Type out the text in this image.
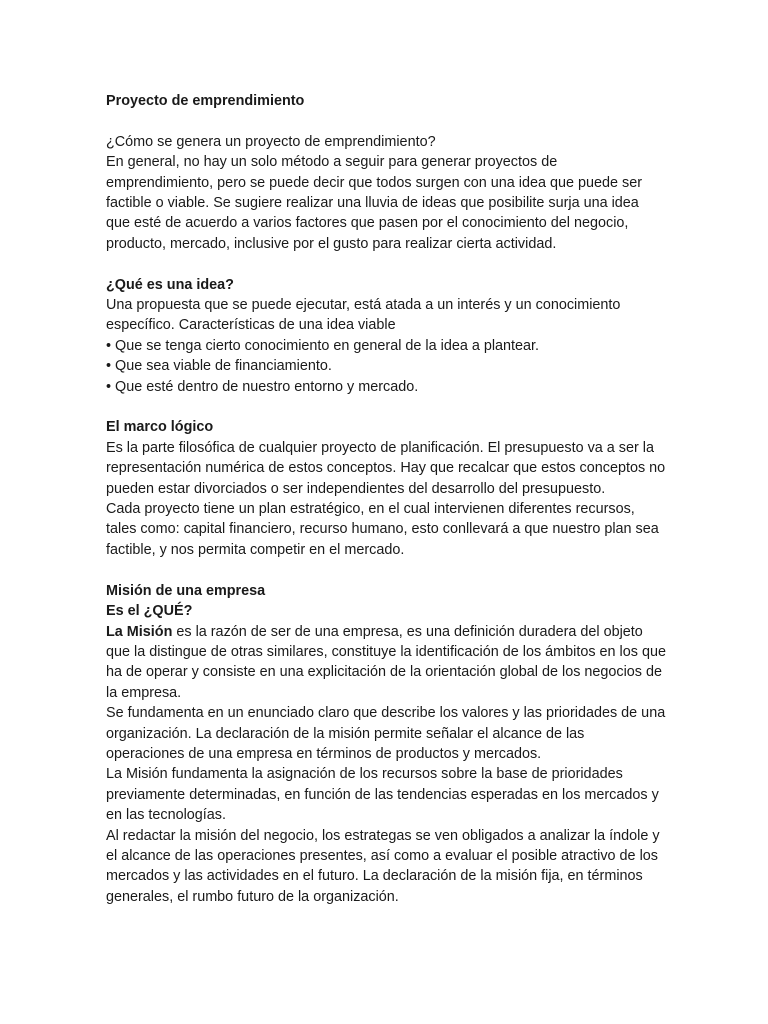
Proyecto de emprendimiento

¿Cómo se genera un proyecto de emprendimiento?

En general, no hay un solo método a seguir para generar proyectos de emprendimiento, pero se puede decir que todos surgen con una idea que puede ser factible o viable. Se sugiere realizar una lluvia de ideas que posibilite surja una idea que esté de acuerdo a varios factores que pasen por el conocimiento del negocio, producto, mercado, inclusive por el gusto para realizar cierta actividad.

¿Qué es una idea?

Una propuesta que se puede ejecutar, está atada a un interés y un conocimiento específico. Características de una idea viable

• Que se tenga cierto conocimiento en general de la idea a plantear.

• Que sea viable de financiamiento.

• Que esté dentro de nuestro entorno y mercado.

El marco lógico

Es la parte filosófica de cualquier proyecto de planificación. El presupuesto va a ser la representación numérica de estos conceptos. Hay que recalcar que estos conceptos no pueden estar divorciados o ser independientes del desarrollo del presupuesto.

Cada proyecto tiene un plan estratégico, en el cual intervienen diferentes recursos, tales como: capital financiero, recurso humano, esto conllevará a que nuestro plan sea factible, y nos permita competir en el mercado.

Misión de una empresa

Es el ¿QUÉ?

La Misión es la razón de ser de una empresa, es una definición duradera del objeto que la distingue de otras similares, constituye la identificación de los ámbitos en los que ha de operar y consiste en una explicitación de la orientación global de los negocios de la empresa.

Se fundamenta en un enunciado claro que describe los valores y las prioridades de una organización. La declaración de la misión permite señalar el alcance de las operaciones de una empresa en términos de productos y mercados.

La Misión fundamenta la asignación de los recursos sobre la base de prioridades previamente determinadas, en función de las tendencias esperadas en los mercados y en las tecnologías.

Al redactar la misión del negocio, los estrategas se ven obligados a analizar la índole y el alcance de las operaciones presentes, así como a evaluar el posible atractivo de los mercados y las actividades en el futuro. La declaración de la misión fija, en términos generales, el rumbo futuro de la organización.
